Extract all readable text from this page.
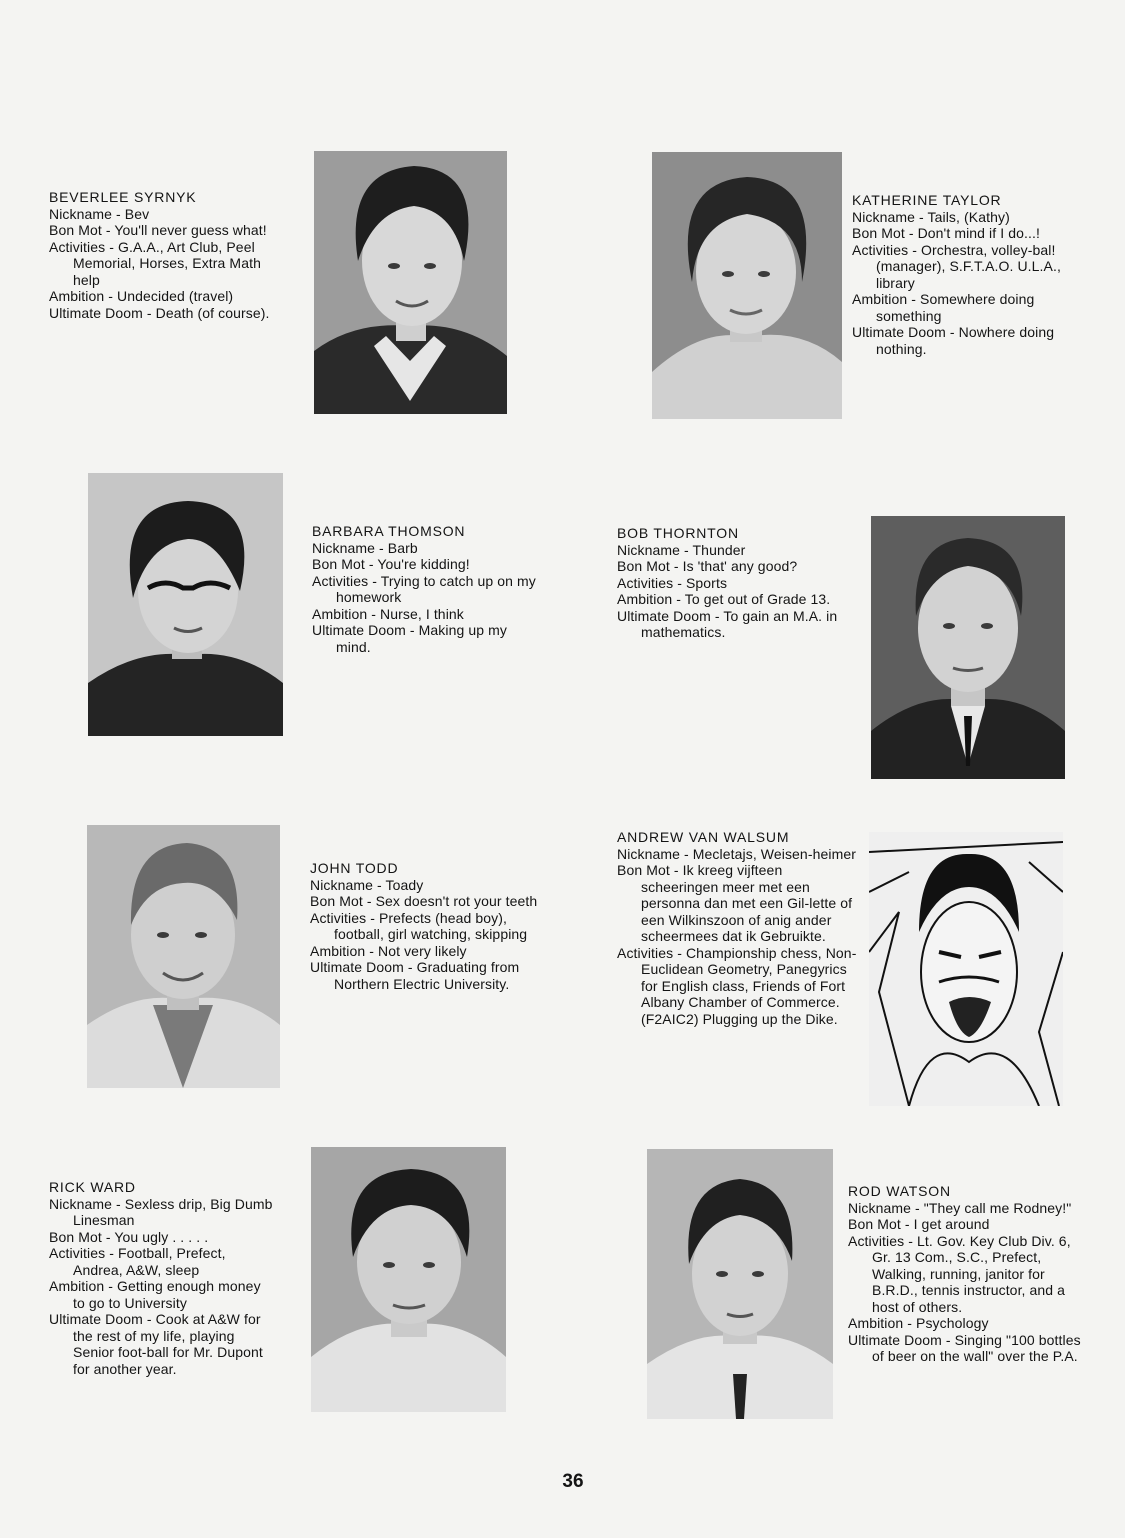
BEVERLEE SYRNYK
Nickname - Bev
Bon Mot - You'll never guess what!
Activities - G.A.A., Art Club, Peel Memorial, Horses, Extra Math help
Ambition - Undecided (travel)
Ultimate Doom - Death (of course).
KATHERINE TAYLOR
Nickname - Tails, (Kathy)
Bon Mot - Don't mind if I do...!
Activities - Orchestra, volley-bal! (manager), S.F.T.A.O. U.L.A., library
Ambition - Somewhere doing something
Ultimate Doom - Nowhere doing nothing.
BARBARA THOMSON
Nickname - Barb
Bon Mot - You're kidding!
Activities - Trying to catch up on my homework
Ambition - Nurse, I think
Ultimate Doom - Making up my mind.
BOB THORNTON
Nickname - Thunder
Bon Mot - Is 'that' any good?
Activities - Sports
Ambition - To get out of Grade 13.
Ultimate Doom - To gain an M.A. in mathematics.
JOHN TODD
Nickname - Toady
Bon Mot - Sex doesn't rot your teeth
Activities - Prefects (head boy), football, girl watching, skipping
Ambition - Not very likely
Ultimate Doom - Graduating from Northern Electric University.
ANDREW VAN WALSUM
Nickname - Mecletajs, Weisen-heimer
Bon Mot - Ik kreeg vijfteen scheeringen meer met een personna dan met een Gil-lette of een Wilkinszoon of anig ander scheermees dat ik Gebruikte.
Activities - Championship chess, Non-Euclidean Geometry, Panegyrics for English class, Friends of Fort Albany Chamber of Commerce. (F2AIC2) Plugging up the Dike.
RICK WARD
Nickname - Sexless drip, Big Dumb Linesman
Bon Mot - You ugly . . . . .
Activities - Football, Prefect, Andrea, A&W, sleep
Ambition - Getting enough money to go to University
Ultimate Doom - Cook at A&W for the rest of my life, playing Senior foot-ball for Mr. Dupont for another year.
ROD WATSON
Nickname - "They call me Rodney!"
Bon Mot - I get around
Activities - Lt. Gov. Key Club Div. 6, Gr. 13 Com., S.C., Prefect, Walking, running, janitor for B.R.D., tennis instructor, and a host of others.
Ambition - Psychology
Ultimate Doom - Singing "100 bottles of beer on the wall" over the P.A.
36
